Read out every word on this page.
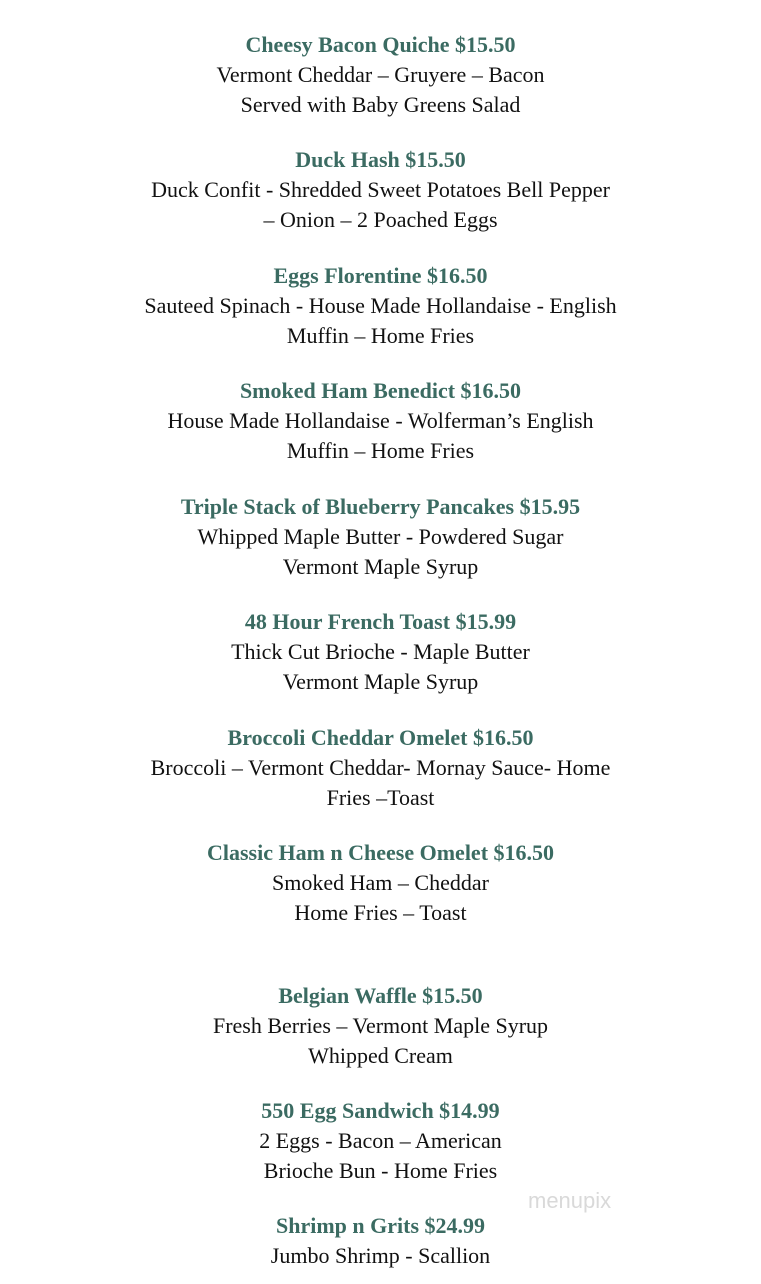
Cheesy Bacon Quiche $15.50
Vermont Cheddar – Gruyere – Bacon
Served with Baby Greens Salad
Duck Hash $15.50
Duck Confit - Shredded Sweet Potatoes Bell Pepper
– Onion – 2 Poached Eggs
Eggs Florentine $16.50
Sauteed Spinach - House Made Hollandaise - English
Muffin – Home Fries
Smoked Ham Benedict $16.50
House Made Hollandaise - Wolferman’s English
Muffin – Home Fries
Triple Stack of Blueberry Pancakes $15.95
Whipped Maple Butter - Powdered Sugar
Vermont Maple Syrup
48 Hour French Toast $15.99
Thick Cut Brioche - Maple Butter
Vermont Maple Syrup
Broccoli Cheddar Omelet $16.50
Broccoli – Vermont Cheddar- Mornay Sauce- Home
Fries –Toast
Classic Ham n Cheese Omelet $16.50
Smoked Ham – Cheddar
Home Fries – Toast
Belgian Waffle $15.50
Fresh Berries – Vermont Maple Syrup
Whipped Cream
550 Egg Sandwich $14.99
2 Eggs - Bacon – American
Brioche Bun - Home Fries
Shrimp n Grits $24.99
Jumbo Shrimp - Scallion
menupix
